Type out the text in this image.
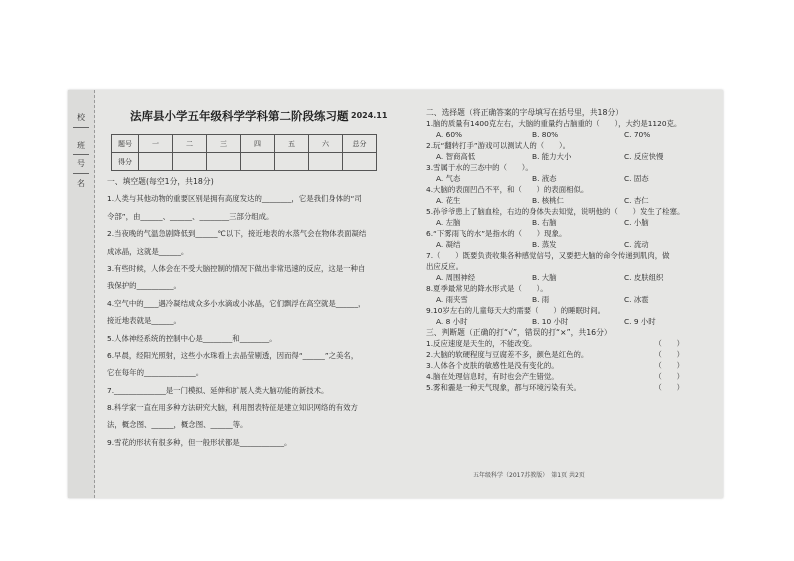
校
班
号
名
法库县小学五年级科学学科第二阶段练习题 2024.11
题号	一	二	三	四	五	六	总分
得分							

一、填空题(每空1分，共18分)

1.人类与其他动物的重要区别是拥有高度发达的________，它是我们身体的“司

令部”，由______、______、________三部分组成。

2.当夜晚的气温急剧降低到______℃以下，接近地表的水蒸气会在物体表面凝结

成冰晶，这就是______。

3.有些时候，人体会在不受大脑控制的情况下做出非常迅速的反应，这是一种自

我保护的__________。

4.空气中的____遇冷凝结成众多小水滴或小冰晶，它们飘浮在高空就是______，

接近地表就是______。

5.人体神经系统的控制中心是________和________。

6.早晨，经阳光照射，这些小水珠看上去晶莹剔透，因而得“______”之美名，

它在每年的______________。

7.______________是一门模拟、延伸和扩展人类大脑功能的新技术。

8.科学家一直在用多种方法研究大脑，利用图表特征是建立知识网络的有效方

法，概念图、______，概念图、______等。

9.雪花的形状有很多种，但一般形状都是____________。

二、选择题（将正确答案的字母填写在括号里，共18分）

1.脑的质量有1400克左右，大脑的重量约占脑重的（　　），大约是1120克。

A. 60%	B. 80%	C. 70%

2.玩“翻转打手”游戏可以测试人的（　　）。

A. 智商高低	B. 能力大小	C. 反应快慢

3.雪属于水的三态中的（　　）。

A. 气态	B. 液态	C. 固态

4.大脑的表面凹凸不平，和（　　）的表面相似。

A. 花生	B. 核桃仁	C. 杏仁

5.孙爷爷患上了脑血栓，右边的身体失去知觉，说明他的（　　）发生了栓塞。

A. 左脑	B. 右脑	C. 小脑

6.“下雾雨飞的水”是指水的（　　）现象。

A. 凝结	B. 蒸发	C. 流动

7.（　　）既要负责收集各种感觉信号，又要把大脑的命令传递到肌肉，做

出应反应。

A. 周围神经	B. 大脑	C. 皮肤组织

8.夏季最常见的降水形式是（　　）。

A. 雨夹雪	B. 雨	C. 冰雹

9.10岁左右的儿童每天大约需要（　　）的睡眠时间。

A. 8 小时	B. 10 小时	C. 9 小时

三、判断题（正确的打“√”，错误的打“×”，共16分）

1.反应速度是天生的，不能改变。	（　　）
2.大脑的软硬程度与豆腐差不多，颜色是红色的。	（　　）
3.人体各个皮肤的敏感性是没有变化的。	（　　）
4.脑在处理信息时，有时也会产生错觉。	（　　）
5.雾和霾是一种天气现象，都与环境污染有关。	（　　）
五年级科学（2017苏教版）　第1页 共2页
